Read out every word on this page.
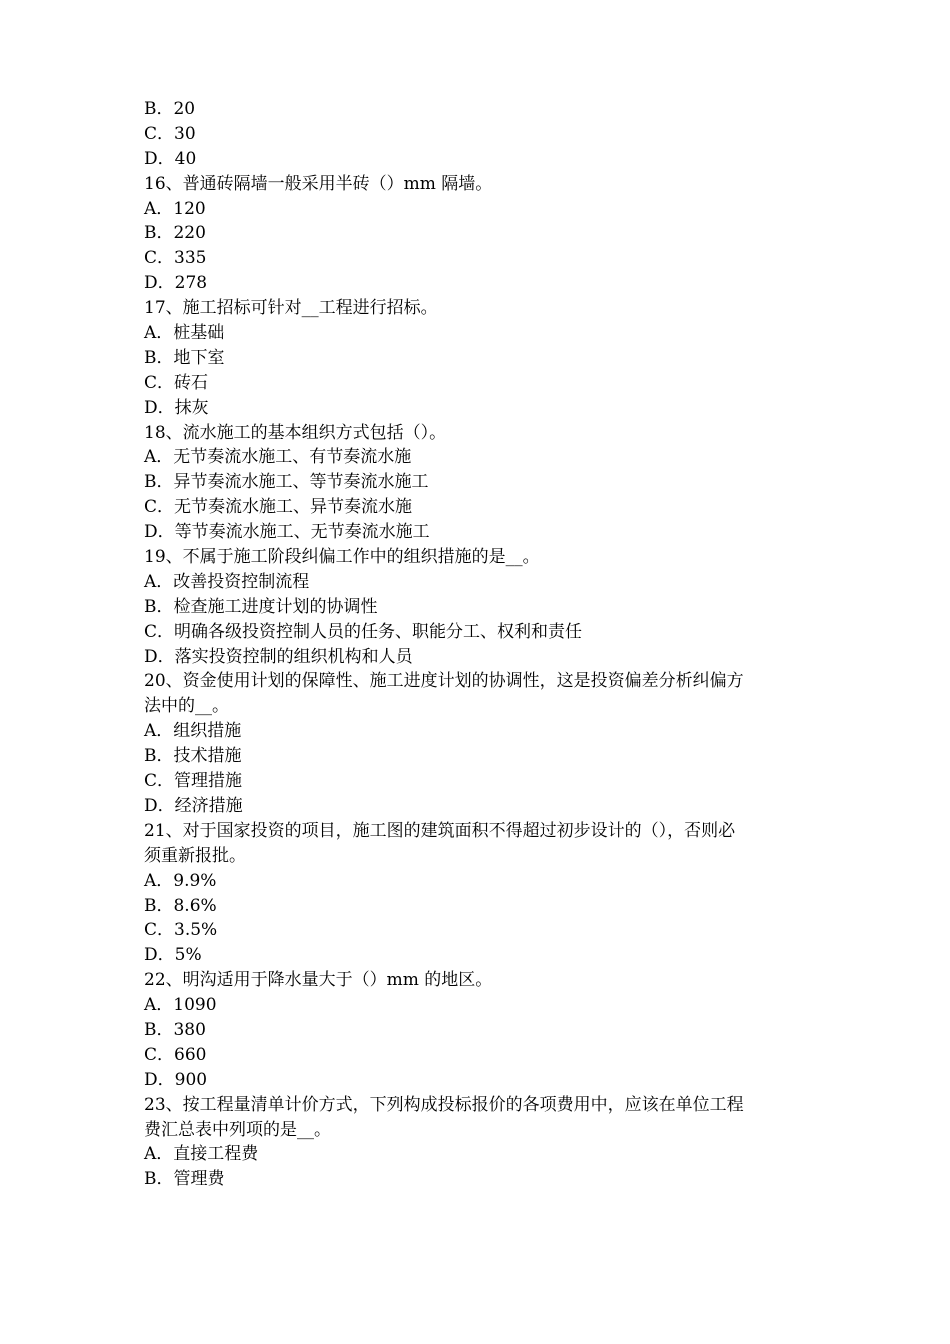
B．20
C．30
D．40
16、普通砖隔墙一般采用半砖（）mm 隔墙。
A．120
B．220
C．335
D．278
17、施工招标可针对__工程进行招标。
A．桩基础
B．地下室
C．砖石
D．抹灰
18、流水施工的基本组织方式包括（）。
A．无节奏流水施工、有节奏流水施
B．异节奏流水施工、等节奏流水施工
C．无节奏流水施工、异节奏流水施
D．等节奏流水施工、无节奏流水施工
19、不属于施工阶段纠偏工作中的组织措施的是__。
A．改善投资控制流程
B．检查施工进度计划的协调性
C．明确各级投资控制人员的任务、职能分工、权利和责任
D．落实投资控制的组织机构和人员
20、资金使用计划的保障性、施工进度计划的协调性，这是投资偏差分析纠偏方
法中的__。
A．组织措施
B．技术措施
C．管理措施
D．经济措施
21、对于国家投资的项目，施工图的建筑面积不得超过初步设计的（），否则必
须重新报批。
A．9.9%
B．8.6%
C．3.5%
D．5%
22、明沟适用于降水量大于（）mm 的地区。
A．1090
B．380
C．660
D．900
23、按工程量清单计价方式，下列构成投标报价的各项费用中，应该在单位工程
费汇总表中列项的是__。
A．直接工程费
B．管理费
